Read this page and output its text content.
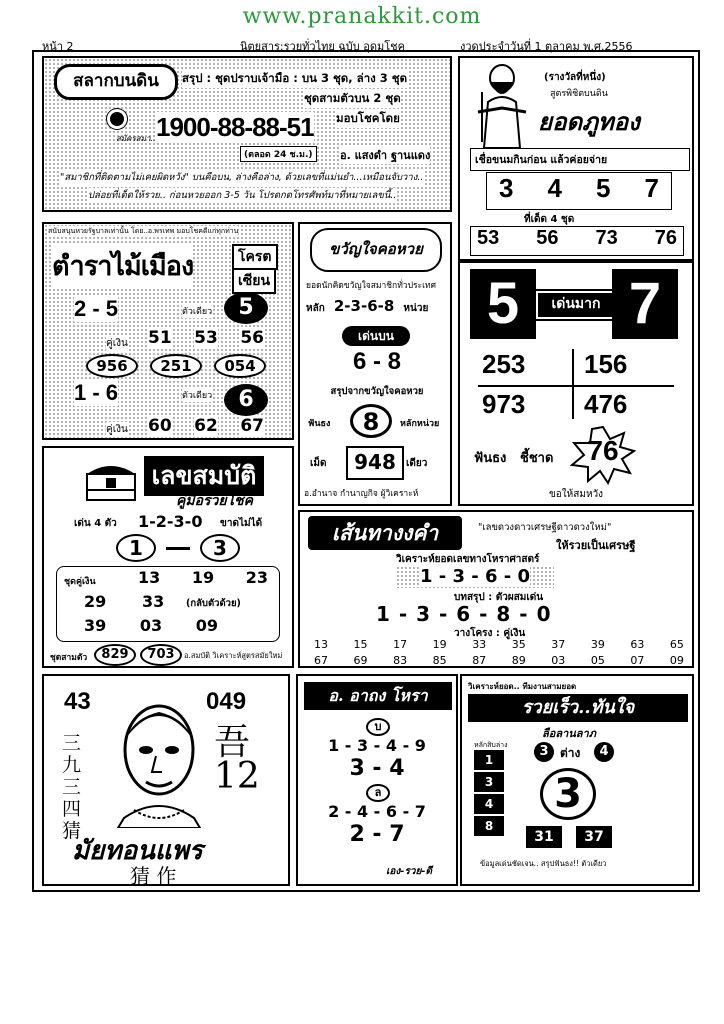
www.pranakkit.com
หน้า 2	นิตยสาร:รวยทั่วไทย ฉบับ อุดมโชค	งวดประจำวันที่ 1 ตุลาคม พ.ศ.2556
สลากบนดิน	สรุป : ชุดปราบเจ้ามือ : บน 3 ชุด, ล่าง 3 ชุด
ชุดสามตัวบน 2 ชุด
มอบโชคโดย
สมัครสมา.. 1900-88-88-51
(ตลอด 24 ช.ม.)	อ. แสงดำ ฐานแดง
"สมาชิกที่ติดตามไม่เคยผิดหวัง" บนคือบน, ล่างคือล่าง, ด้วยเลขที่แม่นยำ...เหมือนจับวาง..
ปล่อยที่เด็ดให้รวย.. ก่อนหวยออก 3-5 วัน โปรดกดโทรศัพท์มาที่หมายเลขนี้..
(รางวัลที่หนึ่ง)
สูตรพิชิตบนดิน
ยอดภูทอง
เชื่อขนมกินก่อน แล้วค่อยจ่าย
3 4 5 7
ที่เด็ด 4 ชุด
53 56 73 76
สนับสนุนหวยรัฐบาลเท่านั้น โดย..อ.พรเทพ มอบโชคดีแก่ทุกท่าน
ตำราไม้เมือง	โครต
เซียน
2 - 5	ตัวเดียว	5
คู่เงิน 51 53 56
956	251	054
1 - 6	ตัวเดียว	6
คู่เงิน 60 62 67
ขวัญใจคอหวย
ยอดนักคิดขวัญใจสมาชิกทั่วประเทศ
หลัก 2-3-6-8 หน่วย
เด่นบน
6 - 8
สรุปจากขวัญใจคอหวย
ฟันธง	8	หลักหน่วย
เม็ด	948	เดียว
อ.อำนาจ กำนาญกิจ ผู้วิเคราะห์
5	เด่นมาก 7
253 156
973 476
ฟันธง ชี้ชาด	76
ขอให้สมหวัง
เลขสมบัติ
คู่มือรวยโชค
เด่น 4 ตัว 1-2-3-0 ขาดไม่ได้
1	3
ชุดคู่เงิน	13 19 23
29 33 (กลับตัวด้วย)
39 03 09
ชุดสามตัว	829	703	อ.สมบัติ วิเคราะห์สูตรสมัยใหม่
เส้นทางงคำ	"เลขดวงดาวเศรษฐีดาวดวงใหม่"
ให้รวยเป็นเศรษฐี
วิเคราะห์ยอดเลขทางโหราศาสตร์
1 - 3 - 6 - 0
บทสรุป : ตัวผสมเด่น
1 - 3 - 6 - 8 - 0
วางโครง : คู่เงิน
13 15 17 19 33 35 37 39 63 65
67 69 83 85 87 89 03 05 07 09
43	049
三九三四猜
吾
12
มัยทอนแพร
猜 作
อ. อาถง โหรา
บ
1 - 3 - 4 - 9
3 - 4
ล
2 - 4 - 6 - 7
2 - 7
เอง-รวย-ดี
วิเคราะห์ยอด.. ทีมงานสามยอด
รวยเร็ว..ทันใจ
ลือลานลาภ
หลักสิบล่าง
1
3
4
8
3 ต่าง	4
3
31	37
ข้อมูลเด่นชัดเจน.. สรุปฟันธง!! ตัวเดียว
